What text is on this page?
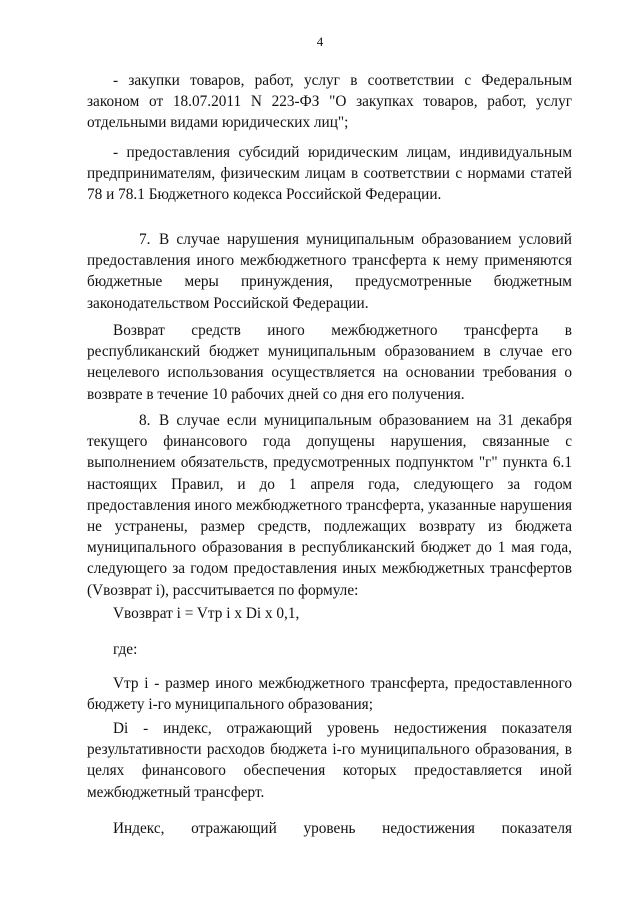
4

- закупки товаров, работ, услуг в соответствии с Федеральным законом от 18.07.2011 N 223-ФЗ "О закупках товаров, работ, услуг отдельными видами юридических лиц";

- предоставления субсидий юридическим лицам, индивидуальным предпринимателям, физическим лицам в соответствии с нормами статей 78 и 78.1 Бюджетного кодекса Российской Федерации.

7. В случае нарушения муниципальным образованием условий предоставления иного межбюджетного трансферта к нему применяются бюджетные меры принуждения, предусмотренные бюджетным законодательством Российской Федерации.

Возврат средств иного межбюджетного трансферта в республиканский бюджет муниципальным образованием в случае его нецелевого использования осуществляется на основании требования о возврате в течение 10 рабочих дней со дня его получения.

8. В случае если муниципальным образованием на 31 декабря текущего финансового года допущены нарушения, связанные с выполнением обязательств, предусмотренных подпунктом "г" пункта 6.1 настоящих Правил, и до 1 апреля года, следующего за годом предоставления иного межбюджетного трансферта, указанные нарушения не устранены, размер средств, подлежащих возврату из бюджета муниципального образования в республиканский бюджет до 1 мая года, следующего за годом предоставления иных межбюджетных трансфертов (Vвозврат i), рассчитывается по формуле:

Vвозврат i = Vтр i x Di x 0,1,

где:

Vтр i - размер иного межбюджетного трансферта, предоставленного бюджету i-го муниципального образования;

Di - индекс, отражающий уровень недостижения показателя результативности расходов бюджета i-го муниципального образования, в целях финансового обеспечения которых предоставляется иной межбюджетный трансферт.

Индекс, отражающий уровень недостижения показателя
